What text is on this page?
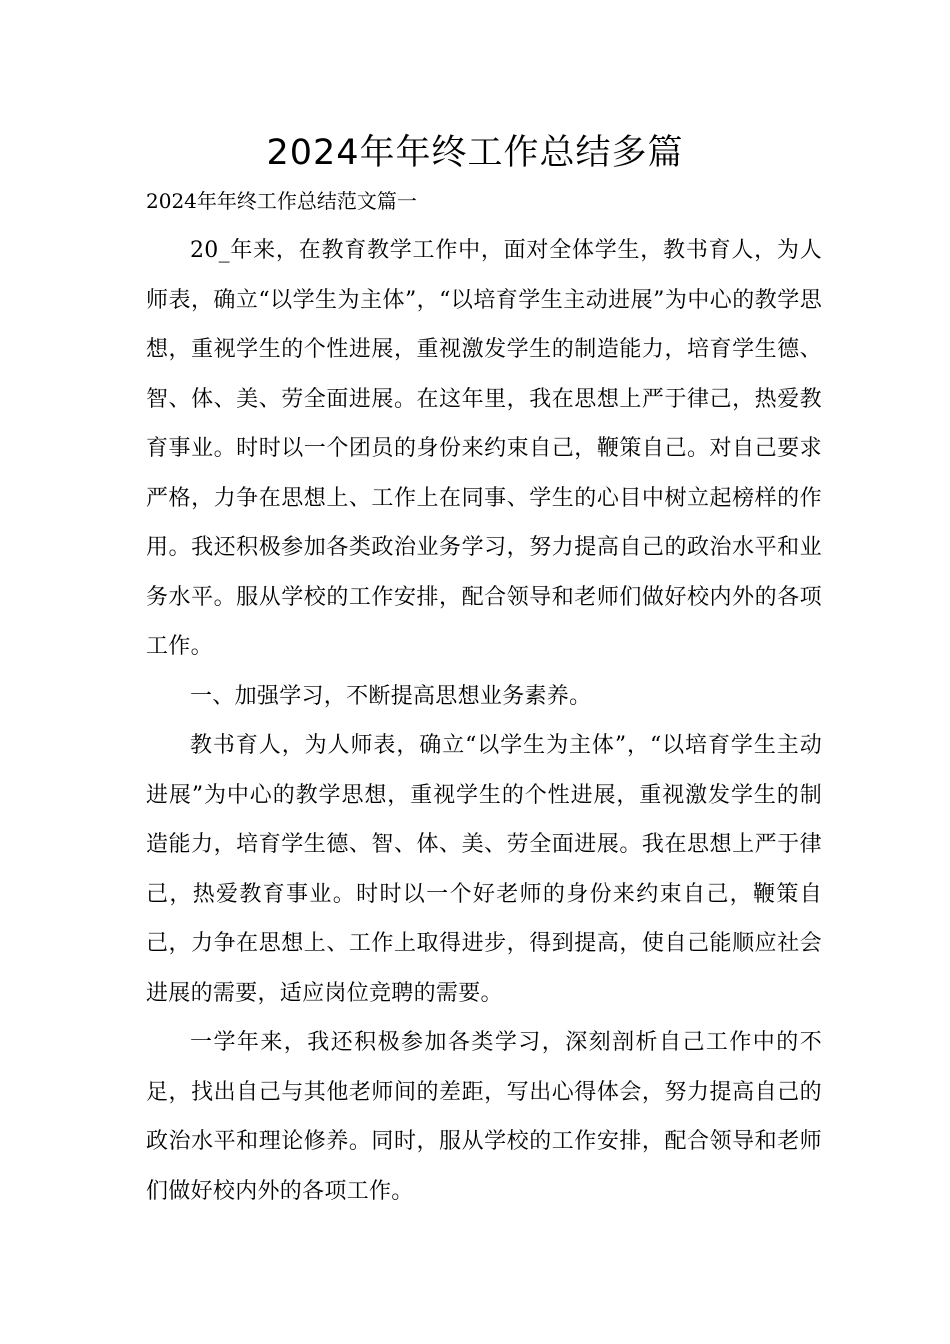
2024年年终工作总结多篇
2024年年终工作总结范文篇一

20_年来，在教育教学工作中，面对全体学生，教书育人，为人师表，确立“以学生为主体”，“以培育学生主动进展”为中心的教学思想，重视学生的个性进展，重视激发学生的制造能力，培育学生德、智、体、美、劳全面进展。在这年里，我在思想上严于律己，热爱教育事业。时时以一个团员的身份来约束自己，鞭策自己。对自己要求严格，力争在思想上、工作上在同事、学生的心目中树立起榜样的作用。我还积极参加各类政治业务学习，努力提高自己的政治水平和业务水平。服从学校的工作安排，配合领导和老师们做好校内外的各项工作。

一、加强学习，不断提高思想业务素养。

教书育人，为人师表，确立“以学生为主体”，“以培育学生主动进展”为中心的教学思想，重视学生的个性进展，重视激发学生的制造能力，培育学生德、智、体、美、劳全面进展。我在思想上严于律己，热爱教育事业。时时以一个好老师的身份来约束自己，鞭策自己，力争在思想上、工作上取得进步，得到提高，使自己能顺应社会进展的需要，适应岗位竞聘的需要。

一学年来，我还积极参加各类学习，深刻剖析自己工作中的不足，找出自己与其他老师间的差距，写出心得体会，努力提高自己的政治水平和理论修养。同时，服从学校的工作安排，配合领导和老师们做好校内外的各项工作。
